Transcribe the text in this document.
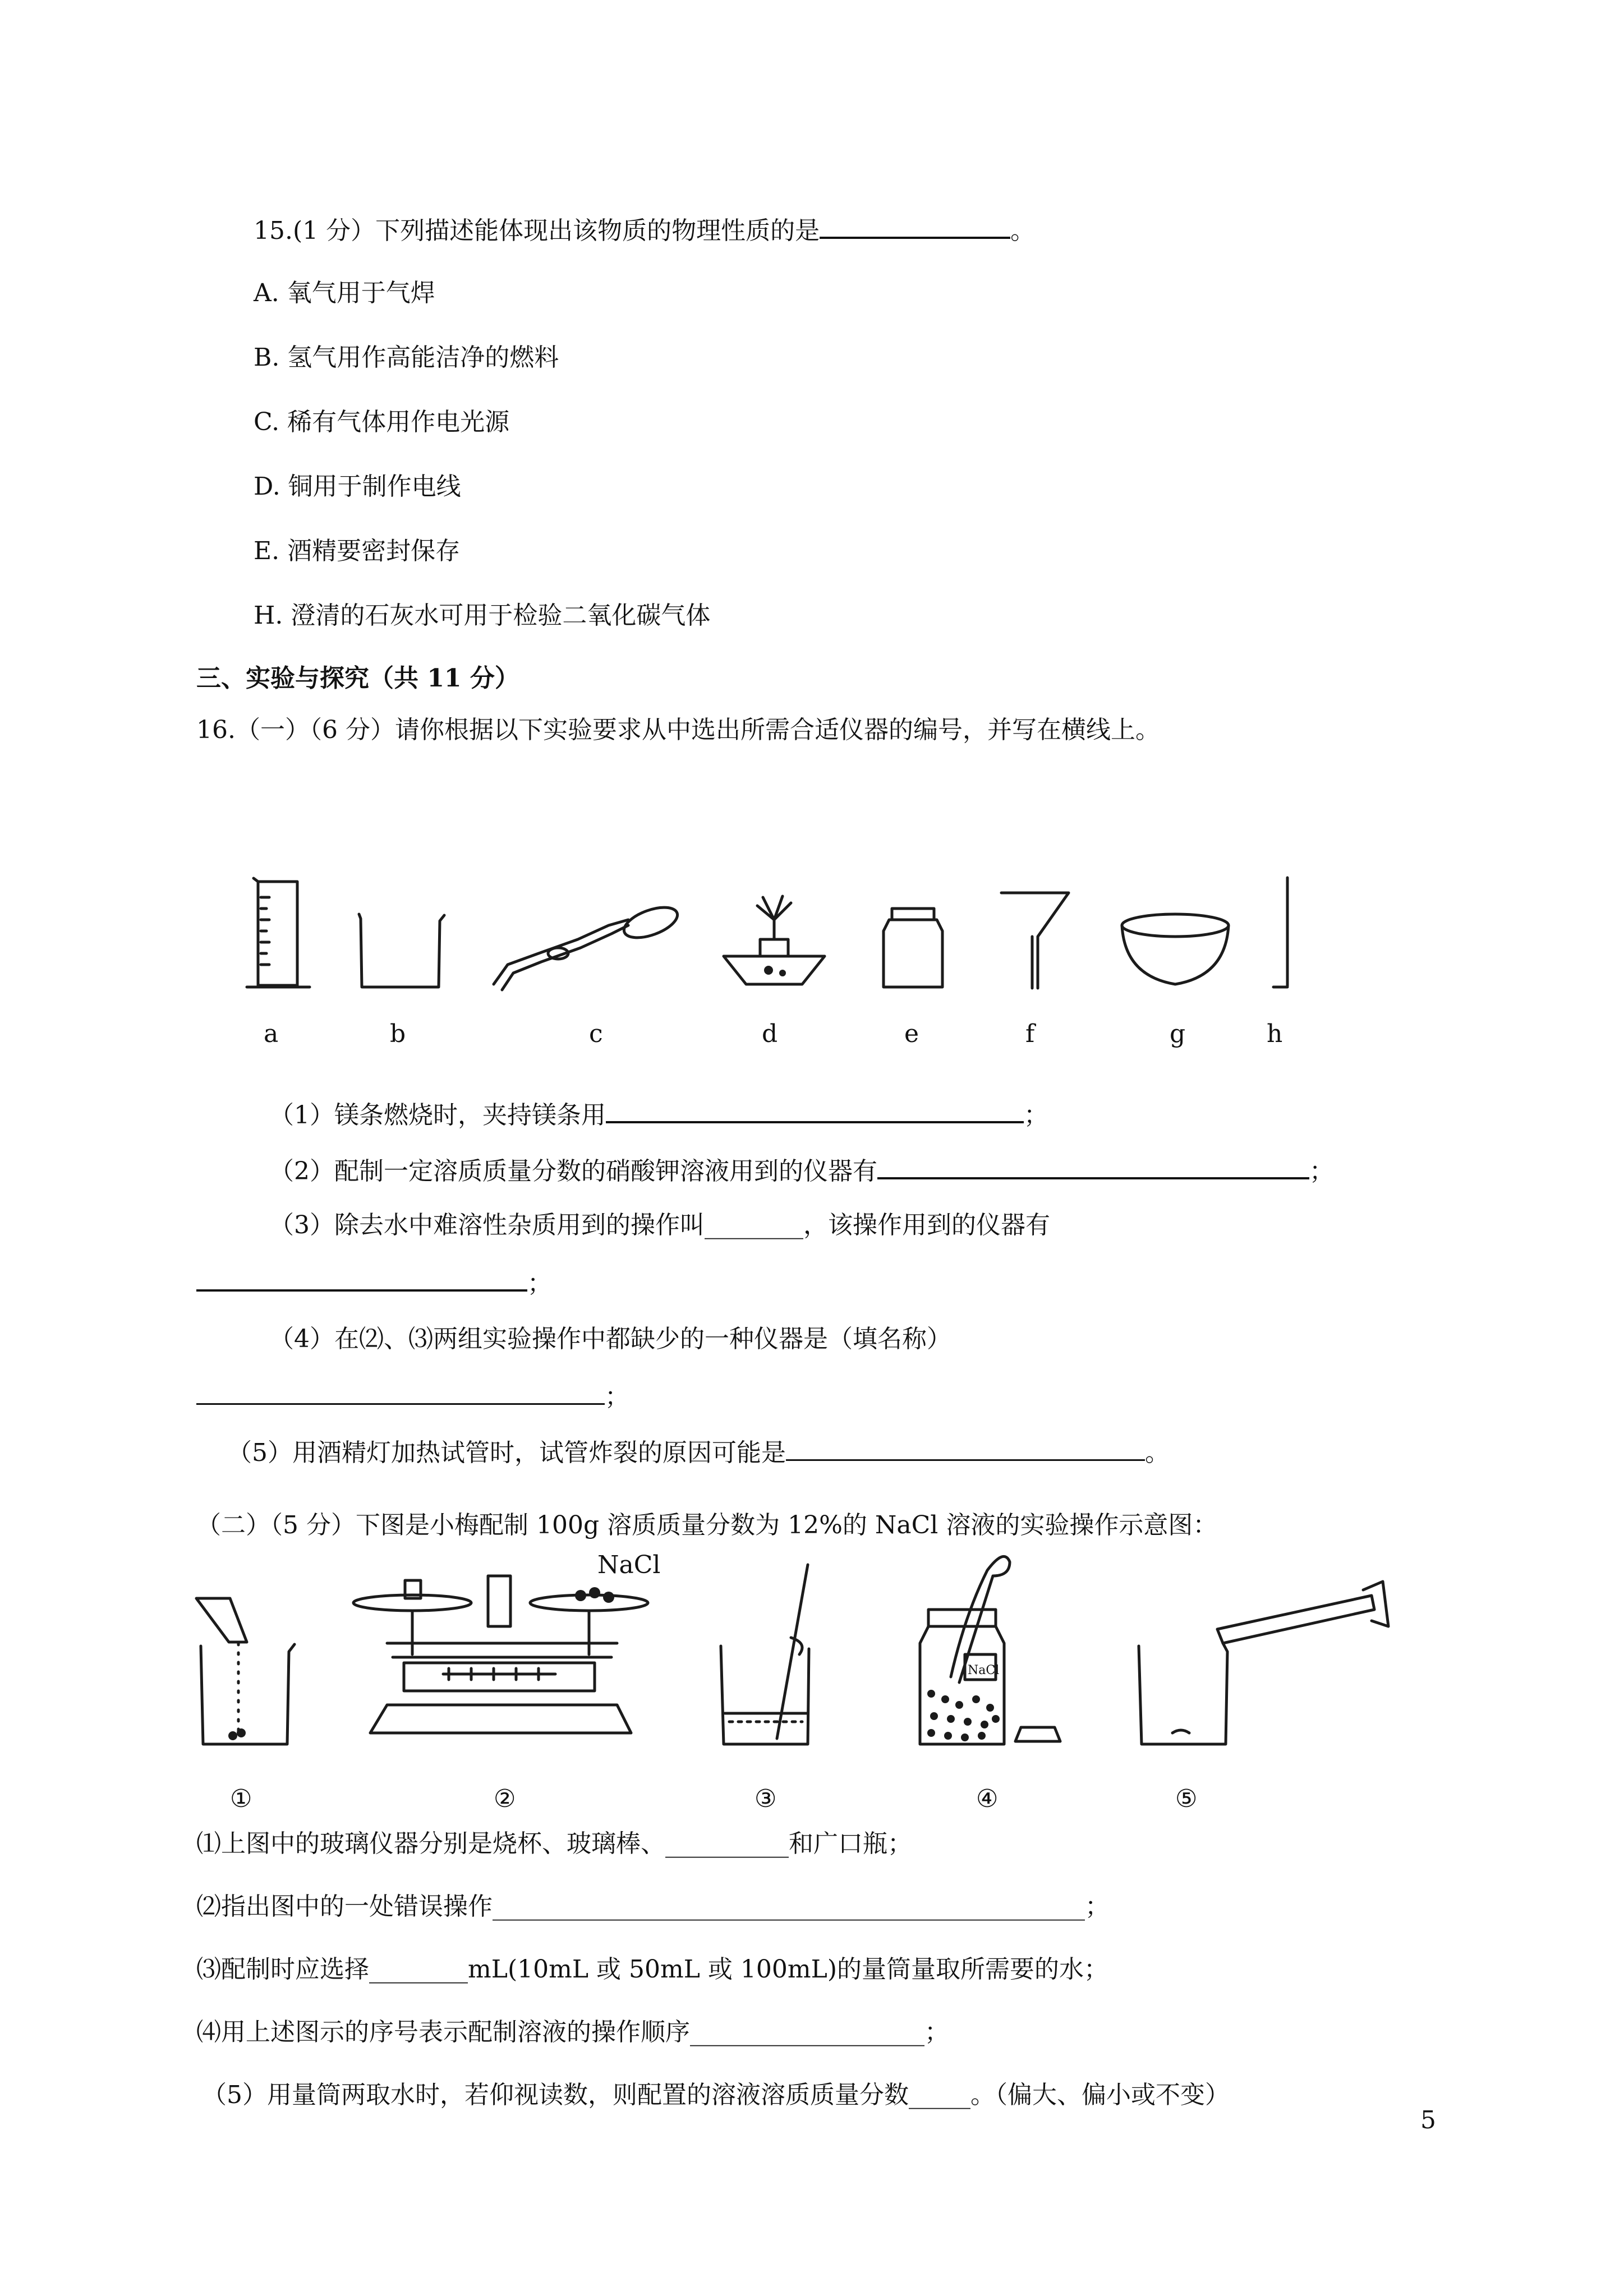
15.(1 分）下列描述能体现出该物质的物理性质的是	。
A. 氧气用于气焊
B. 氢气用作高能洁净的燃料
C. 稀有气体用作电光源
D. 铜用于制作电线
E. 酒精要密封保存
H. 澄清的石灰水可用于检验二氧化碳气体
三、实验与探究（共 11 分）
16.（一）（6 分）请你根据以下实验要求从中选出所需合适仪器的编号，并写在横线上。
a	b	c	d	e	f	g	h
（1）镁条燃烧时，夹持镁条用	；
（2）配制一定溶质质量分数的硝酸钾溶液用到的仪器有	；
（3）除去水中难溶性杂质用到的操作叫________，该操作用到的仪器有
；
（4）在⑵、⑶两组实验操作中都缺少的一种仪器是（填名称）
；
（5）用酒精灯加热试管时，试管炸裂的原因可能是	。
（二）（5 分）下图是小梅配制 100g 溶质质量分数为 12%的 NaCl 溶液的实验操作示意图：
NaCl
NaCl
①	②	③	④	⑤
⑴上图中的玻璃仪器分别是烧杯、玻璃棒、__________和广口瓶；
⑵指出图中的一处错误操作________________________________________________；
⑶配制时应选择________mL(10mL 或 50mL 或 100mL)的量筒量取所需要的水；
⑷用上述图示的序号表示配制溶液的操作顺序___________________；
（5）用量筒两取水时，若仰视读数，则配置的溶液溶质质量分数_____。（偏大、偏小或不变）
5
